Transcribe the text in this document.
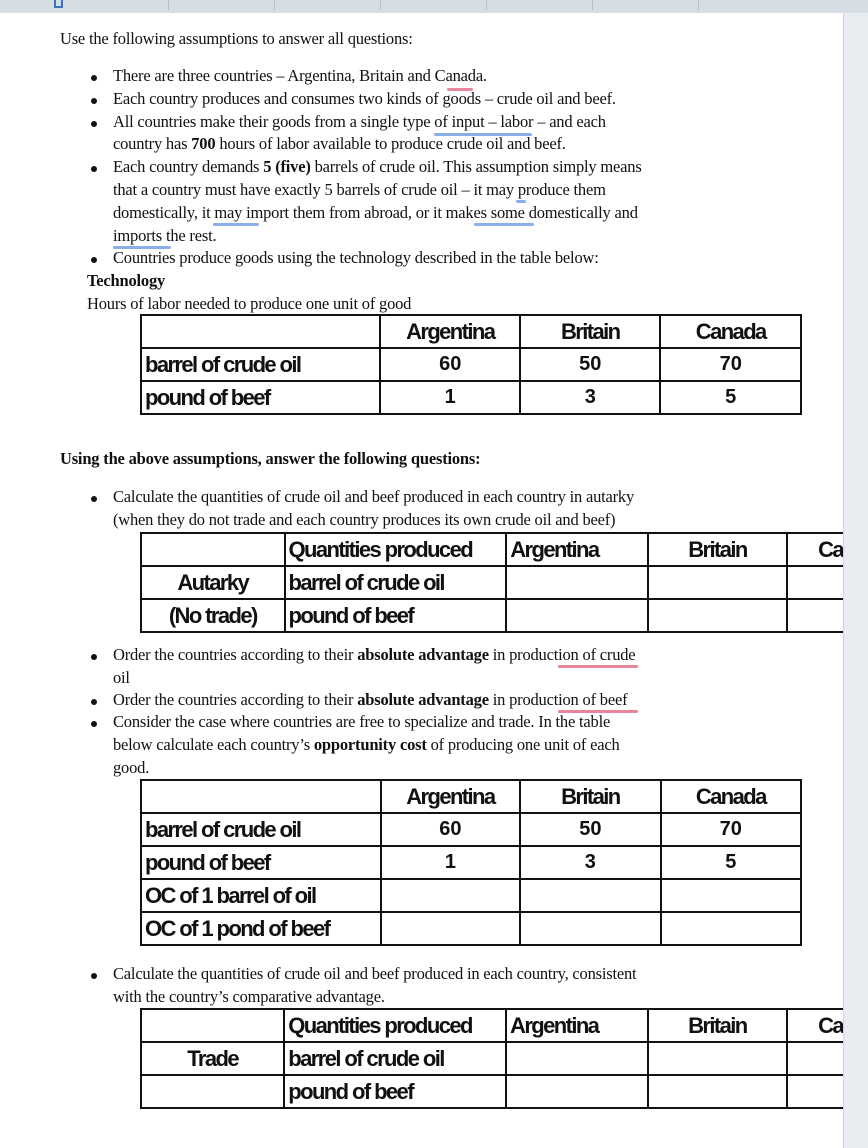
Use the following assumptions to answer all questions:
There are three countries – Argentina, Britain and Canada.
Each country produces and consumes two kinds of goods – crude oil and beef.
All countries make their goods from a single type of input – labor – and each
country has 700 hours of labor available to produce crude oil and beef.
Each country demands 5 (five) barrels of crude oil. This assumption simply means
that a country must have exactly 5 barrels of crude oil – it may produce them
domestically, it may import them from abroad, or it makes some domestically and
imports the rest.
Countries produce goods using the technology described in the table below:
Technology
Hours of labor needed to produce one unit of good
	Argentina	Britain	Canada
barrel of crude oil	60	50	70
pound of beef	1	3	5
Using the above assumptions, answer the following questions:
Calculate the quantities of crude oil and beef produced in each country in autarky
(when they do not trade and each country produces its own crude oil and beef)
	Quantities produced	Argentina	Britain	Ca
Autarky	barrel of crude oil			
(No trade)	pound of beef			
Order the countries according to their absolute advantage in production of crude
oil
Order the countries according to their absolute advantage in production of beef
Consider the case where countries are free to specialize and trade. In the table
below calculate each country’s opportunity cost of producing one unit of each
good.
	Argentina	Britain	Canada
barrel of crude oil	60	50	70
pound of beef	1	3	5
OC of 1 barrel of oil			
OC of 1 pond of beef			
Calculate the quantities of crude oil and beef produced in each country, consistent
with the country’s comparative advantage.
	Quantities produced	Argentina	Britain	Ca
Trade	barrel of crude oil			
	pound of beef			
